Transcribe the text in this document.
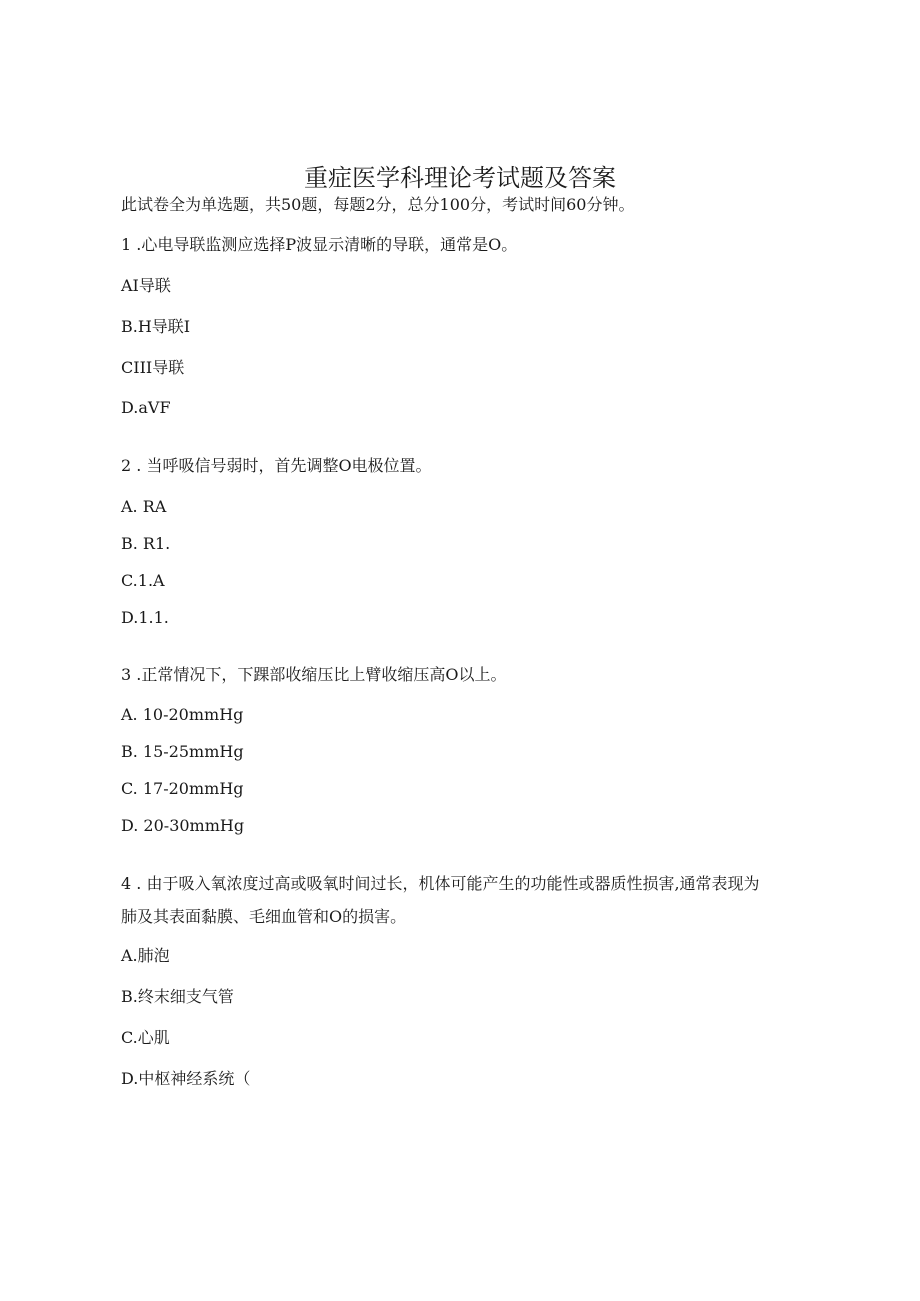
重症医学科理论考试题及答案
此试卷全为单选题，共50题，每题2分，总分100分，考试时间60分钟。
1 .心电导联监测应选择P波显示清晰的导联，通常是O。
AI导联
B.H导联I
CIII导联
D.aVF
2 . 当呼吸信号弱时，首先调整O电极位置。
A. RA
B. R1.
C.1.A
D.1.1.
3 .正常情况下，下踝部收缩压比上臂收缩压高O以上。
A. 10-20mmHg
B. 15-25mmHg
C. 17-20mmHg
D. 20-30mmHg
4 . 由于吸入氧浓度过高或吸氧时间过长，机体可能产生的功能性或器质性损害,通常表现为肺及其表面黏膜、毛细血管和O的损害。
A.肺泡
B.终末细支气管
C.心肌
D.中枢神经系统（
